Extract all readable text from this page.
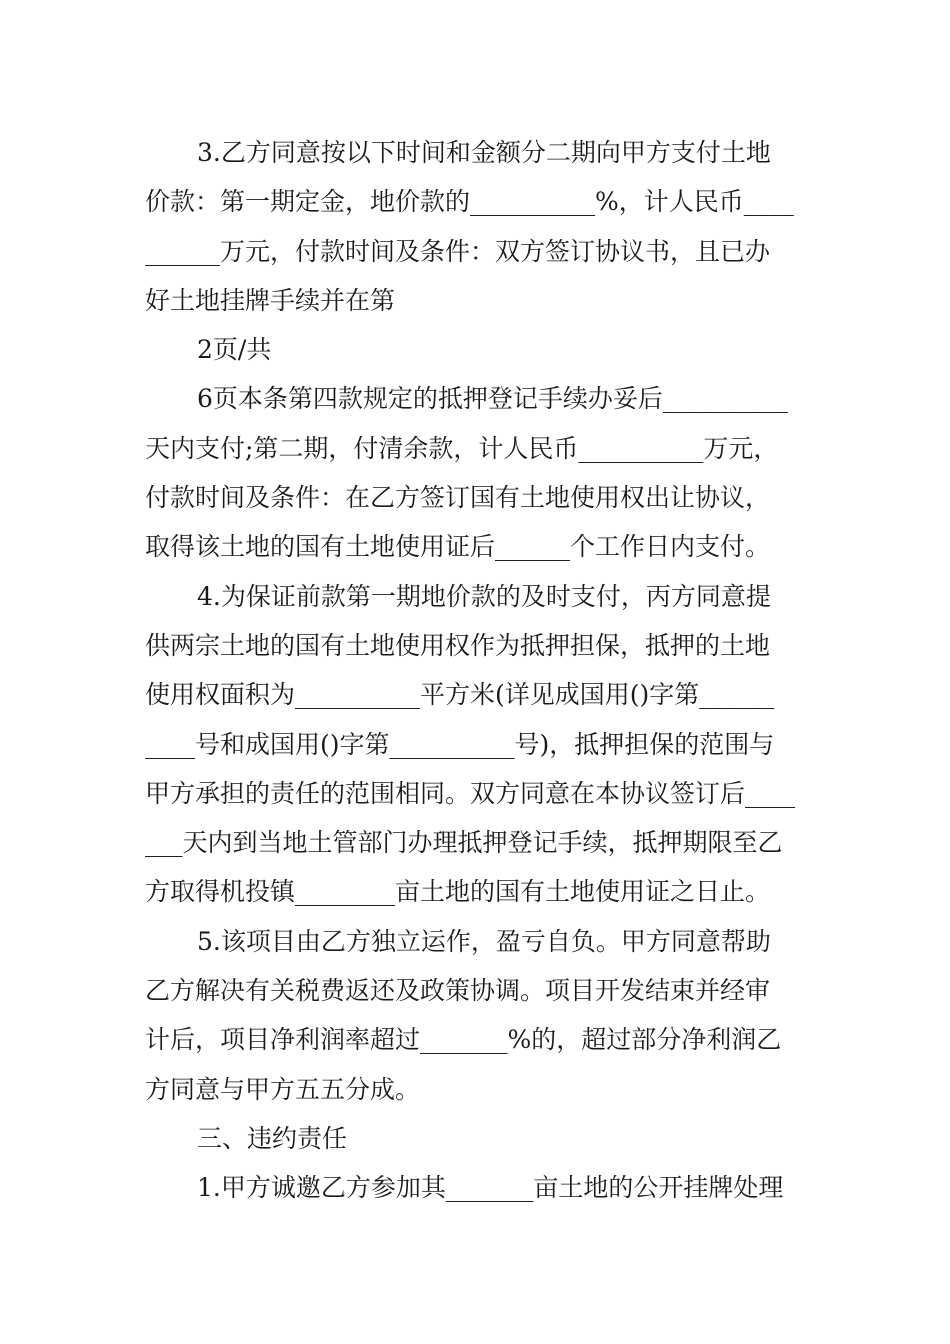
3.乙方同意按以下时间和金额分二期向甲方支付土地
价款：第一期定金，地价款的__________%，计人民币____
______万元，付款时间及条件：双方签订协议书，且已办
好土地挂牌手续并在第
2页/共
6页本条第四款规定的抵押登记手续办妥后__________
天内支付;第二期，付清余款，计人民币__________万元，
付款时间及条件：在乙方签订国有土地使用权出让协议，
取得该土地的国有土地使用证后______个工作日内支付。
4.为保证前款第一期地价款的及时支付，丙方同意提
供两宗土地的国有土地使用权作为抵押担保，抵押的土地
使用权面积为__________平方米(详见成国用()字第______
____号和成国用()字第__________号)，抵押担保的范围与
甲方承担的责任的范围相同。双方同意在本协议签订后____
___天内到当地土管部门办理抵押登记手续，抵押期限至乙
方取得机投镇________亩土地的国有土地使用证之日止。
5.该项目由乙方独立运作，盈亏自负。甲方同意帮助
乙方解决有关税费返还及政策协调。项目开发结束并经审
计后，项目净利润率超过_______%的，超过部分净利润乙
方同意与甲方五五分成。
三、违约责任
1.甲方诚邀乙方参加其_______亩土地的公开挂牌处理
